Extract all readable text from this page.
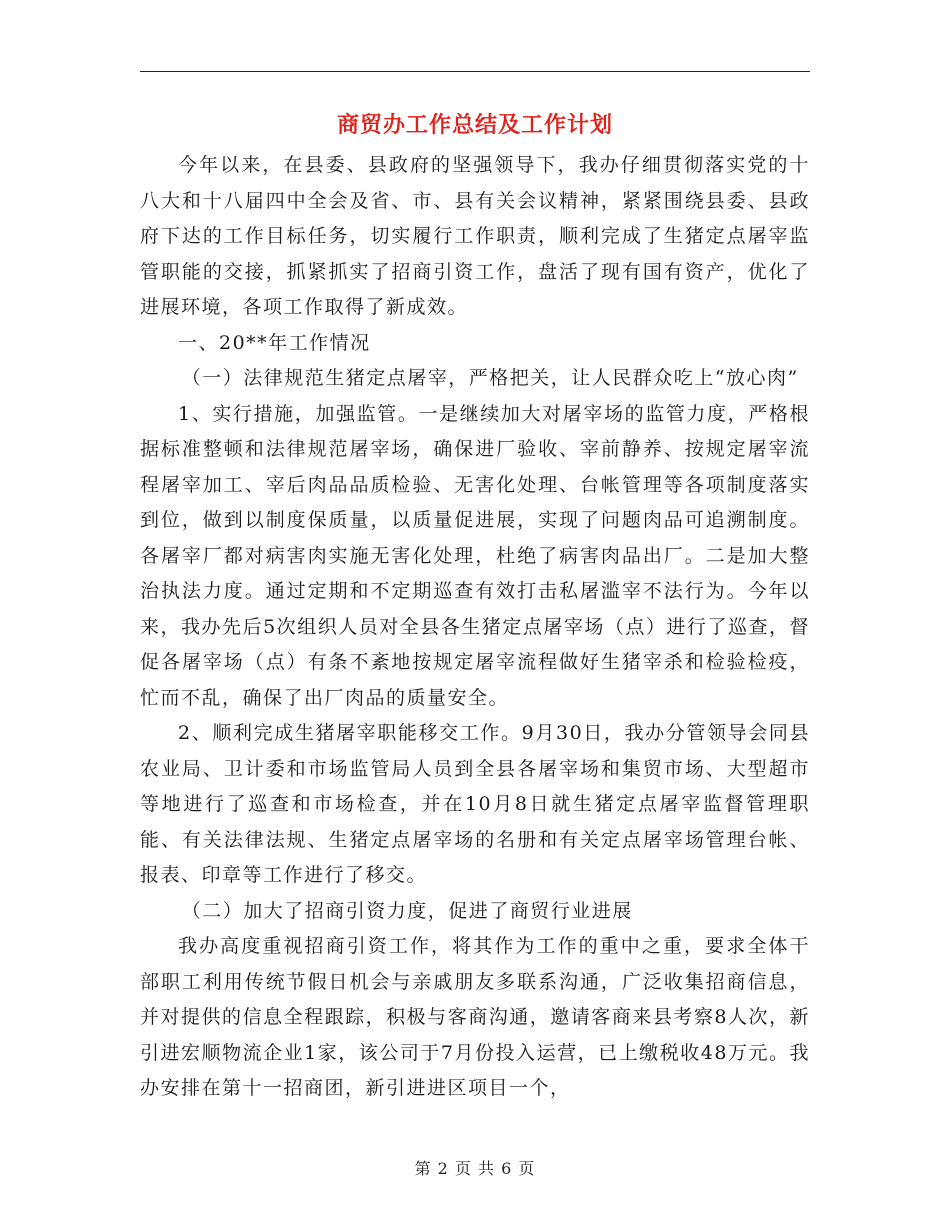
商贸办工作总结及工作计划

今年以来，在县委、县政府的坚强领导下，我办仔细贯彻落实党的十八大和十八届四中全会及省、市、县有关会议精神，紧紧围绕县委、县政府下达的工作目标任务，切实履行工作职责，顺利完成了生猪定点屠宰监管职能的交接，抓紧抓实了招商引资工作，盘活了现有国有资产，优化了进展环境，各项工作取得了新成效。

一、20**年工作情况

（一）法律规范生猪定点屠宰，严格把关，让人民群众吃上“放心肉”

1、实行措施，加强监管。一是继续加大对屠宰场的监管力度，严格根据标准整顿和法律规范屠宰场，确保进厂验收、宰前静养、按规定屠宰流程屠宰加工、宰后肉品品质检验、无害化处理、台帐管理等各项制度落实到位，做到以制度保质量，以质量促进展，实现了问题肉品可追溯制度。各屠宰厂都对病害肉实施无害化处理，杜绝了病害肉品出厂。二是加大整治执法力度。通过定期和不定期巡查有效打击私屠滥宰不法行为。今年以来，我办先后5次组织人员对全县各生猪定点屠宰场（点）进行了巡查，督促各屠宰场（点）有条不紊地按规定屠宰流程做好生猪宰杀和检验检疫，忙而不乱，确保了出厂肉品的质量安全。

2、顺利完成生猪屠宰职能移交工作。9月30日，我办分管领导会同县农业局、卫计委和市场监管局人员到全县各屠宰场和集贸市场、大型超市等地进行了巡查和市场检查，并在10月8日就生猪定点屠宰监督管理职能、有关法律法规、生猪定点屠宰场的名册和有关定点屠宰场管理台帐、报表、印章等工作进行了移交。

（二）加大了招商引资力度，促进了商贸行业进展

我办高度重视招商引资工作，将其作为工作的重中之重，要求全体干部职工利用传统节假日机会与亲戚朋友多联系沟通，广泛收集招商信息，并对提供的信息全程跟踪，积极与客商沟通，邀请客商来县考察8人次，新引进宏顺物流企业1家，该公司于7月份投入运营，已上缴税收48万元。我办安排在第十一招商团，新引进进区项目一个，

第 2 页 共 6 页
